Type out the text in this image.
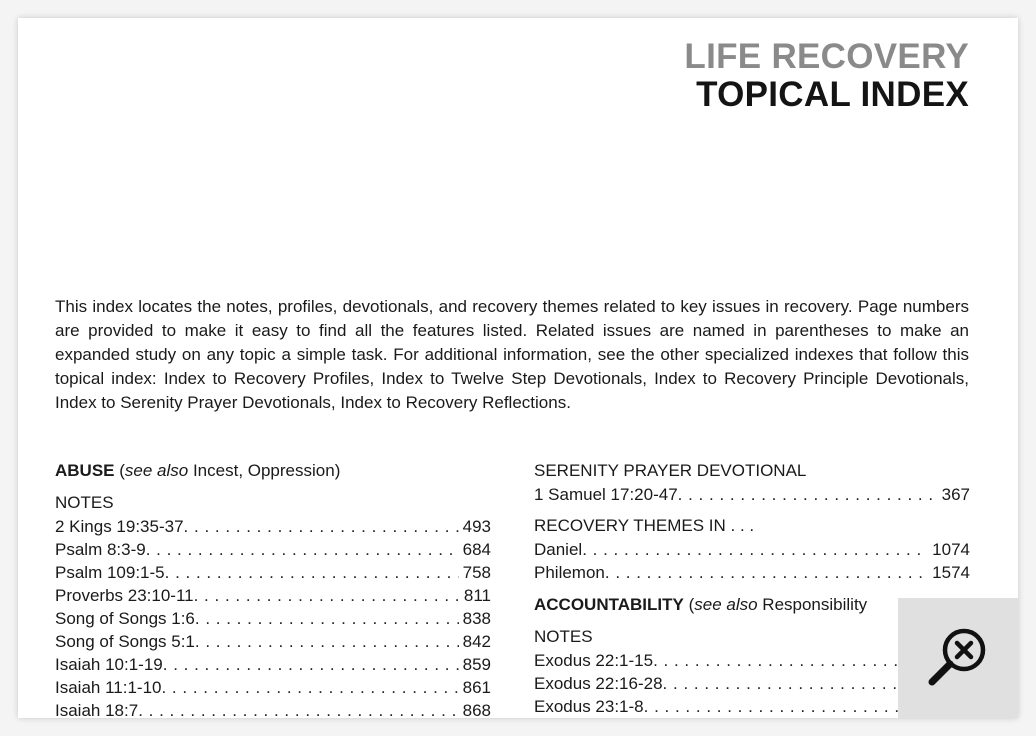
LIFE RECOVERY
TOPICAL INDEX

This index locates the notes, profiles, devotionals, and recovery themes related to key issues in recovery. Page numbers are provided to make it easy to find all the features listed. Related issues are named in parentheses to make an expanded study on any topic a simple task. For additional information, see the other specialized indexes that follow this topical index: Index to Recovery Profiles, Index to Twelve Step Devotionals, Index to Recovery Principle Devotionals, Index to Serenity Prayer Devotionals, Index to Recovery Reflections.

ABUSE (see also Incest, Oppression)
NOTES
2 Kings 19:35-37 . . .	493
Psalm 8:3-9 . . .	684
Psalm 109:1-5 . . .	758
Proverbs 23:10-11 . . .	811
Song of Songs 1:6 . . .	838
Song of Songs 5:1 . . .	842
Isaiah 10:1-19 . . .	859
Isaiah 11:1-10 . . .	861
Isaiah 18:7 . . .	868
SERENITY PRAYER DEVOTIONAL
1 Samuel 17:20-47 . . .	367
RECOVERY THEMES IN . . .
Daniel . . .	1074
Philemon . . .	1574
ACCOUNTABILITY (see also Responsibility
NOTES
Exodus 22:1-15
. . .
Exodus 22:16-28
. . .
Exodus 23:1-8
. . .
